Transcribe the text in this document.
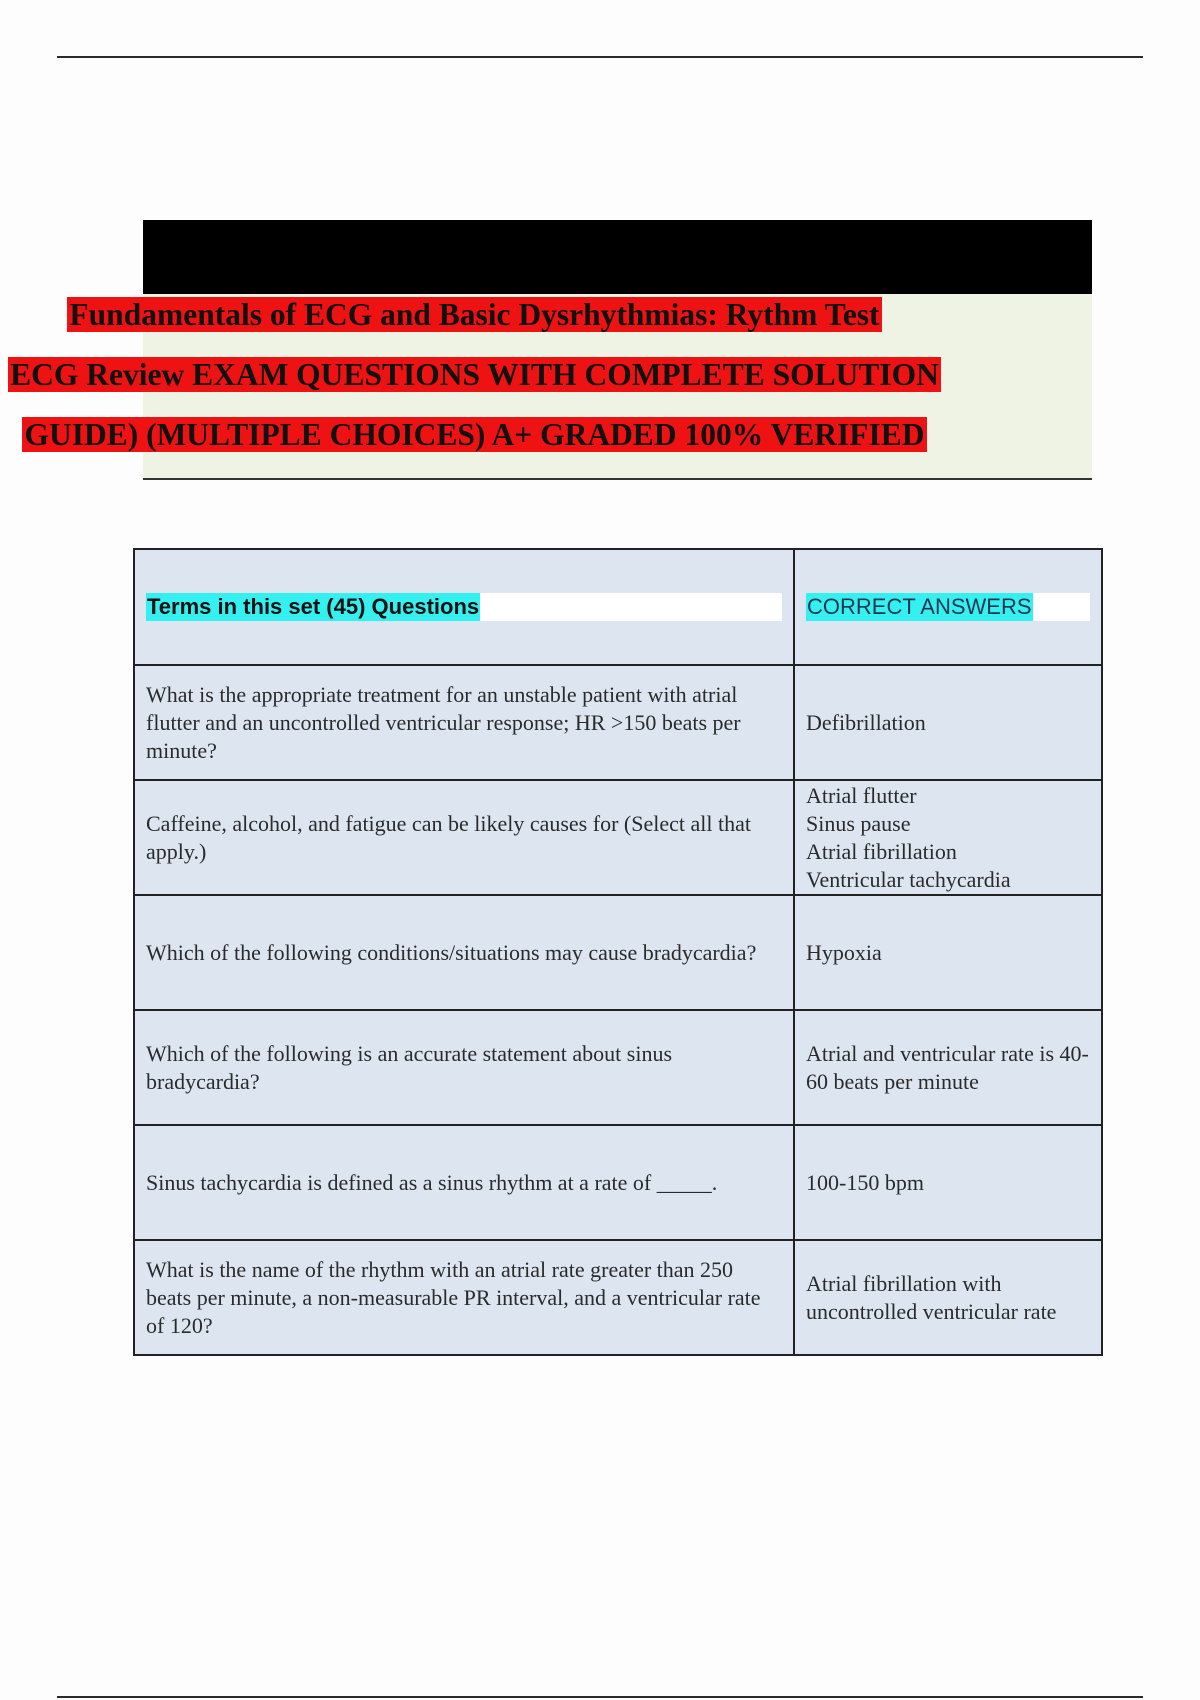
Fundamentals of ECG and Basic Dysrhythmias: Rythm Test
ECG Review EXAM QUESTIONS WITH COMPLETE SOLUTION
GUIDE) (MULTIPLE CHOICES) A+ GRADED 100% VERIFIED
Terms in this set (45) Questions	CORRECT ANSWERS

What is the appropriate treatment for an unstable patient with atrial flutter and an uncontrolled ventricular response; HR >150 beats per minute?	Defibrillation

Caffeine, alcohol, and fatigue can be likely causes for (Select all that apply.)	Atrial flutter
Sinus pause
Atrial fibrillation
Ventricular tachycardia

Which of the following conditions/situations may cause bradycardia?	Hypoxia

Which of the following is an accurate statement about sinus bradycardia?	Atrial and ventricular rate is 40-60 beats per minute

Sinus tachycardia is defined as a sinus rhythm at a rate of _____.	100-150 bpm

What is the name of the rhythm with an atrial rate greater than 250 beats per minute, a non-measurable PR interval, and a ventricular rate of 120?	Atrial fibrillation with uncontrolled ventricular rate
